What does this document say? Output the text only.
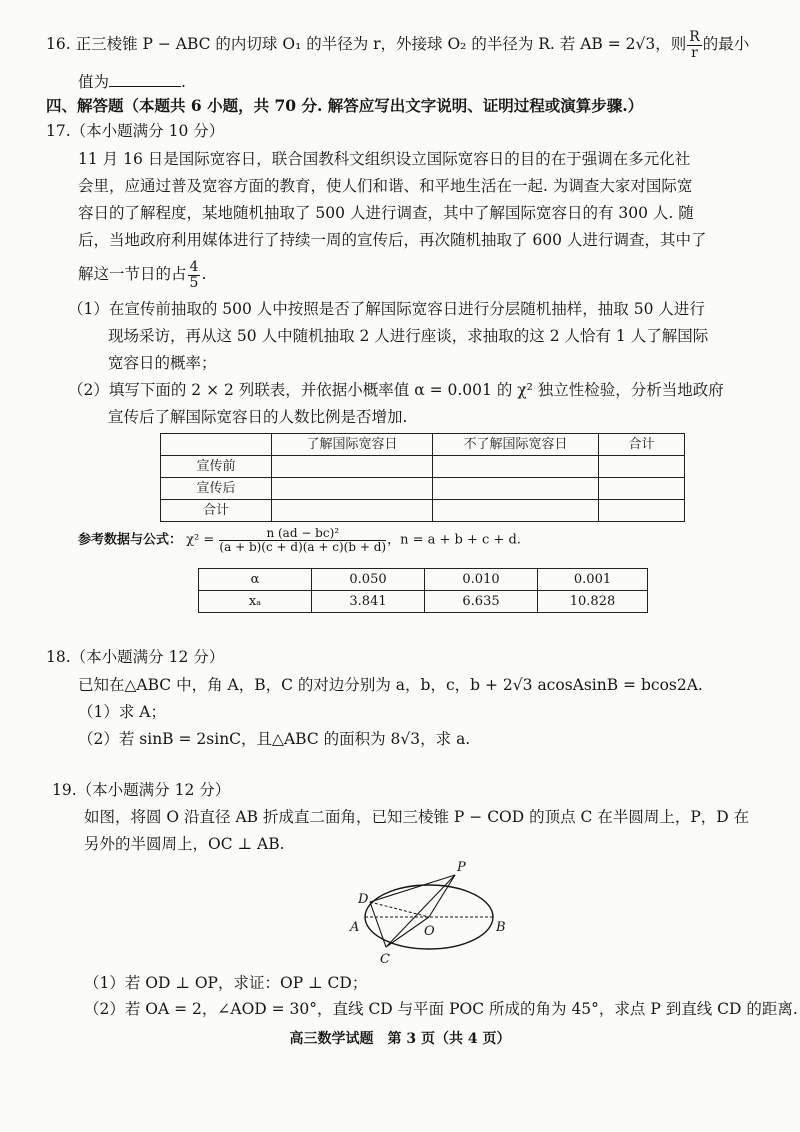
16. 正三棱锥 P − ABC 的内切球 O₁ 的半径为 r，外接球 O₂ 的半径为 R. 若 AB = 2√3，则 $\frac{R}{r}$ 的最小
值为	.
四、解答题（本题共 6 小题，共 70 分. 解答应写出文字说明、证明过程或演算步骤.）
17.（本小题满分 10 分）
11 月 16 日是国际宽容日，联合国教科文组织设立国际宽容日的目的在于强调在多元化社
会里，应通过普及宽容方面的教育，使人们和谐、和平地生活在一起. 为调查大家对国际宽
容日的了解程度，某地随机抽取了 500 人进行调查，其中了解国际宽容日的有 300 人. 随
后，当地政府利用媒体进行了持续一周的宣传后，再次随机抽取了 600 人进行调查，其中了
解这一节日的占 $\frac{4}{5}$ .
（1）在宣传前抽取的 500 人中按照是否了解国际宽容日进行分层随机抽样，抽取 50 人进行
现场采访，再从这 50 人中随机抽取 2 人进行座谈，求抽取的这 2 人恰有 1 人了解国际
宽容日的概率；
（2）填写下面的 2 × 2 列联表，并依据小概率值 α = 0.001 的 χ² 独立性检验，分析当地政府
宣传后了解国际宽容日的人数比例是否增加.
	了解国际宽容日	不了解国际宽容日	合计
宣传前			
宣传后			
合计			
参考数据与公式： $\chi^2 = \frac{\text{n (ad − bc)²}}{(a + b)(c + d)(a + c)(b + d)}$ ，n = a + b + c + d.
α	0.050	0.010	0.001
xₐ	3.841	6.635	10.828
18.（本小题满分 12 分）
已知在△ABC 中，角 A，B，C 的对边分别为 a，b，c，b + 2√3 acosAsinB = bcos2A.
（1）求 A；
（2）若 sinB = 2sinC，且△ABC 的面积为 8√3，求 a.
19.（本小题满分 12 分）
如图，将圆 O 沿直径 AB 折成直二面角，已知三棱锥 P − COD 的顶点 C 在半圆周上，P，D 在
另外的半圆周上，OC ⊥ AB.
P
D
A	O	B
C
（1）若 OD ⊥ OP，求证：OP ⊥ CD；
（2）若 OA = 2，∠AOD = 30°，直线 CD 与平面 POC 所成的角为 45°，求点 P 到直线 CD 的距离.
高三数学试题　第 3 页（共 4 页）
